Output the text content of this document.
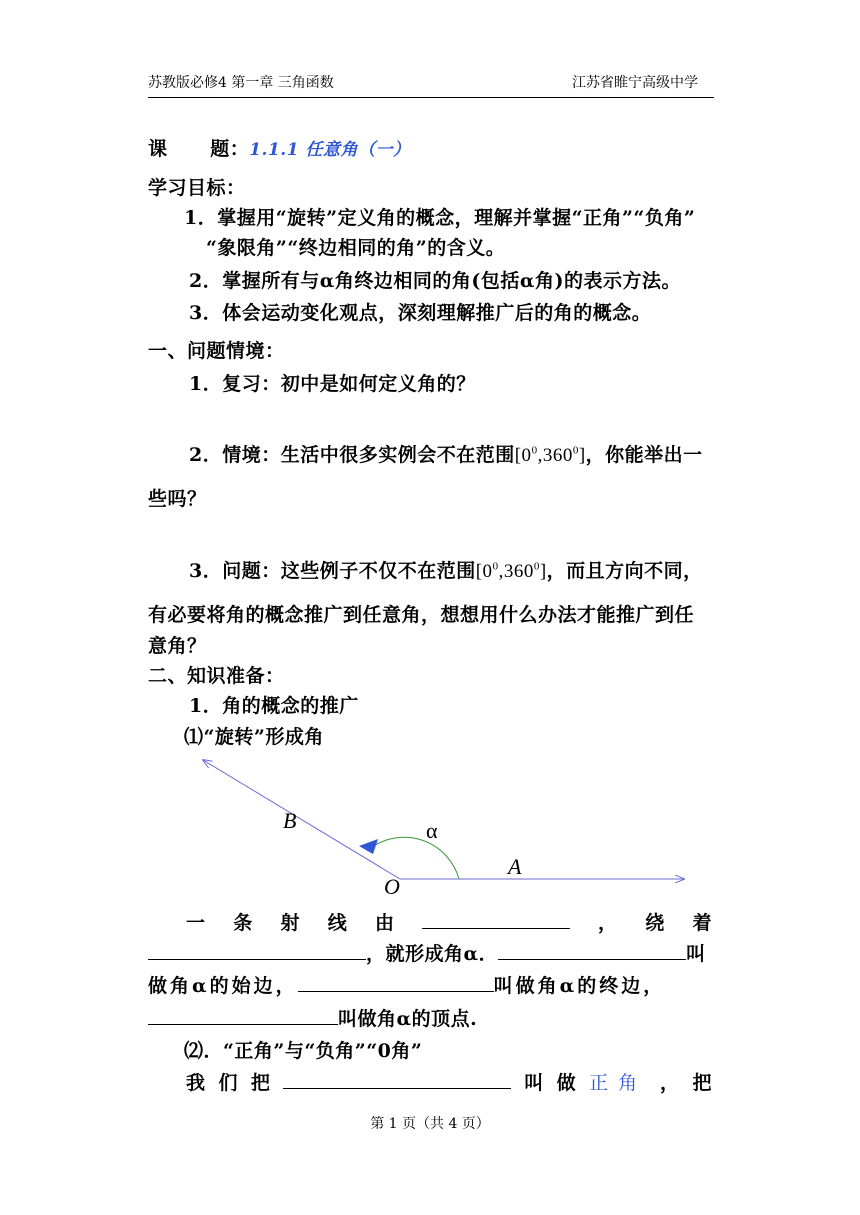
苏教版必修4 第一章 三角函数	江苏省睢宁高级中学
课      题：1.1.1 任意角（一）
学习目标：
1．掌握用“旋转”定义角的概念，理解并掌握“正角”“负角”
“象限角”“终边相同的角”的含义。
2．掌握所有与α角终边相同的角(包括α角)的表示方法。
3．体会运动变化观点，深刻理解推广后的角的概念。
一、问题情境：
1．复习：初中是如何定义角的？
2．情境：生活中很多实例会不在范围$[0^0,360^0]$，你能举出一
些吗？
3．问题：这些例子不仅不在范围$[0^0,360^0]$，而且方向不同，
有必要将角的概念推广到任意角，想想用什么办法才能推广到任
意角？
二、知识准备：
1．角的概念的推广
⑴“旋转”形成角
B	α
A
O
一 条 射 线 由	， 绕 着
，就形成角α．	叫
做角α的始边，	叫做角α的终边，
叫做角α的顶点.
⑵．“正角”与“负角”“0角”
我 们 把	叫 做 正角 ， 把
第 1 页（共 4 页）
